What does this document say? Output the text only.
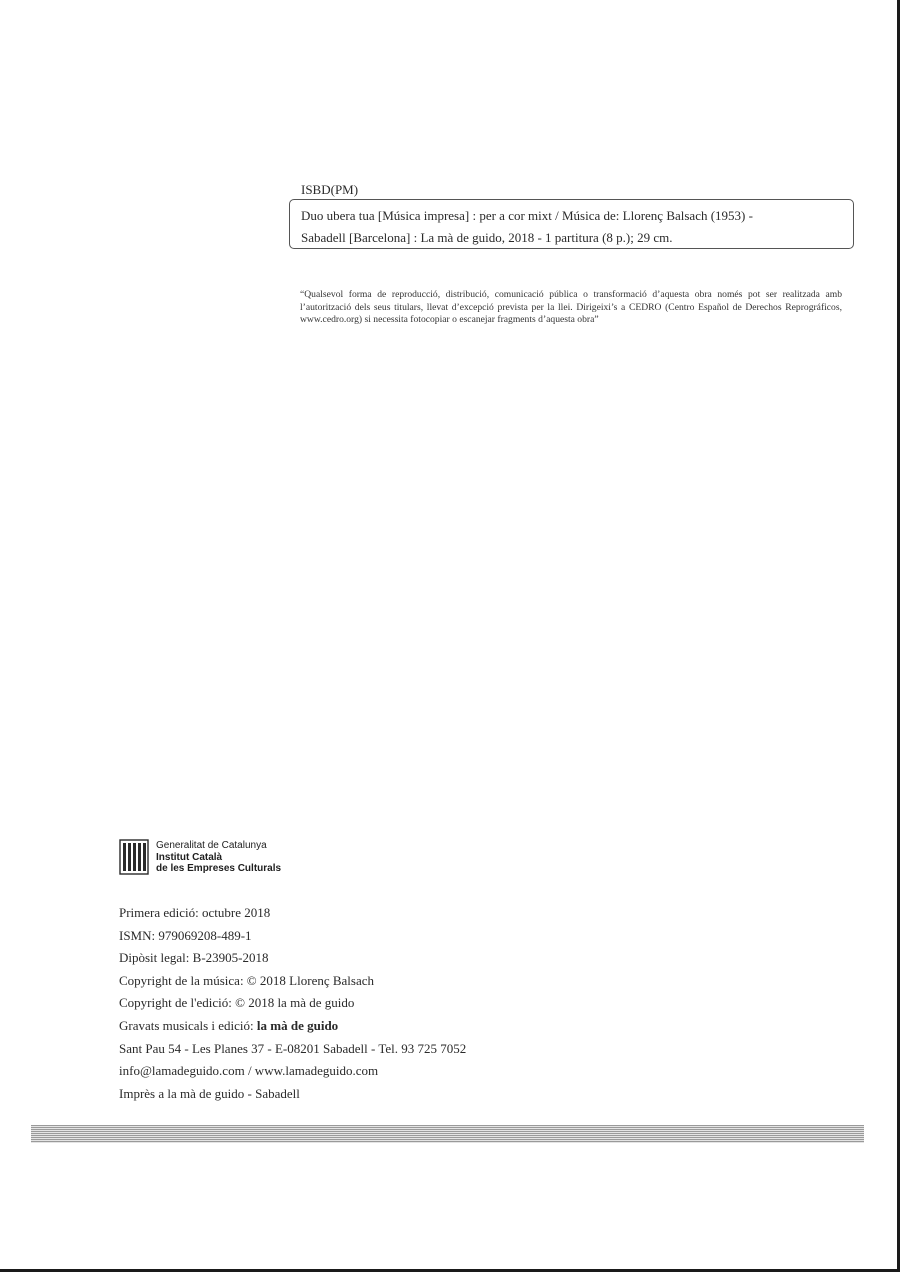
ISBD(PM)
Duo ubera tua [Música impresa] : per a cor mixt / Música de: Llorenç Balsach (1953) -
Sabadell [Barcelona] : La mà de guido, 2018 - 1 partitura (8 p.); 29 cm.
“Qualsevol forma de reproducció, distribució, comunicació pública o transformació d’aquesta obra només pot ser realitzada amb l’autorització dels seus titulars, llevat d’excepció prevista per la llei. Dirigeixi’s a CEDRO (Centro Español de Derechos Reprográficos, www.cedro.org) si necessita fotocopiar o escanejar fragments d’aquesta obra”
Generalitat de Catalunya
Institut Català
de les Empreses Culturals
Primera edició: octubre 2018
ISMN: 979069208-489-1
Dipòsit legal: B-23905-2018
Copyright de la música: © 2018 Llorenç Balsach
Copyright de l'edició: © 2018 la mà de guido
Gravats musicals i edició: la mà de guido
Sant Pau 54 - Les Planes 37 - E-08201 Sabadell - Tel. 93 725 7052
info@lamadeguido.com / www.lamadeguido.com
Imprès a la mà de guido - Sabadell
